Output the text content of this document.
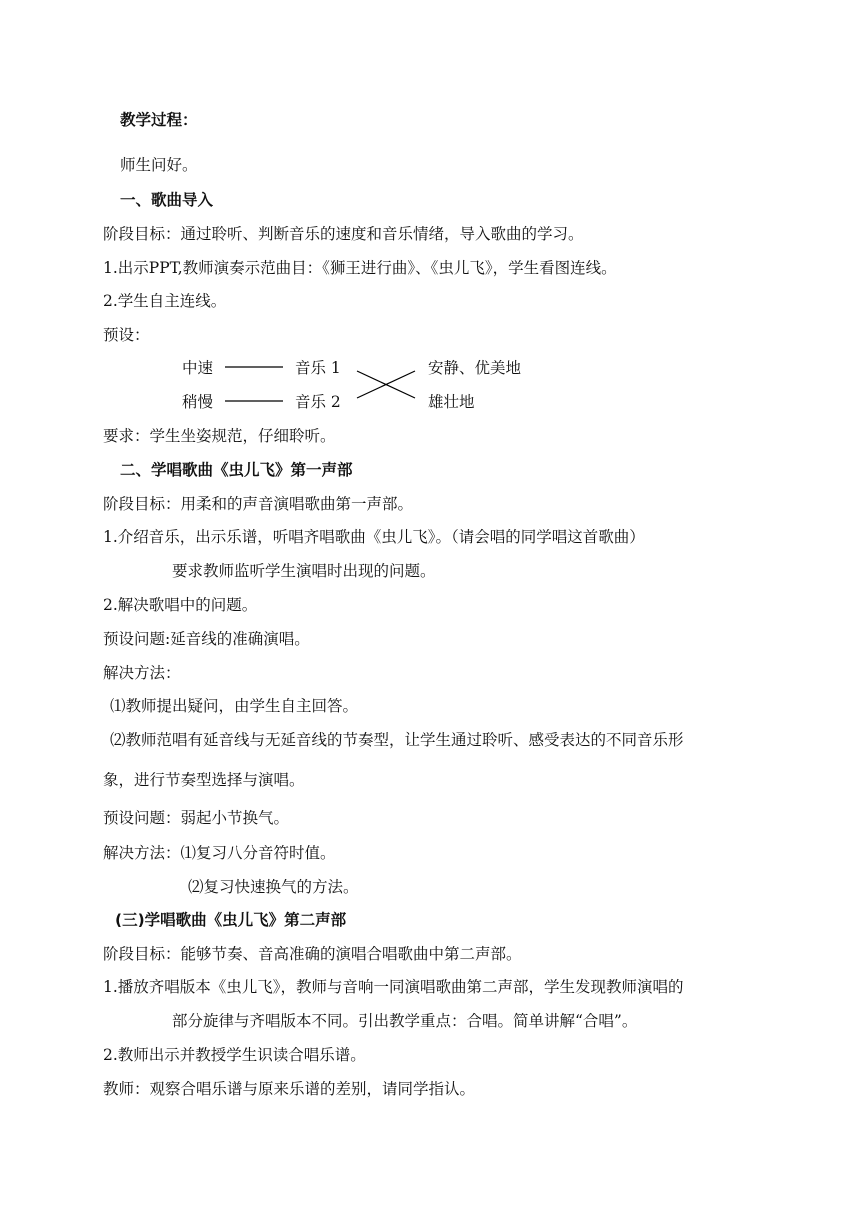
教学过程：
师生问好。
一、歌曲导入
阶段目标：通过聆听、判断音乐的速度和音乐情绪，导入歌曲的学习。
1.出示PPT,教师演奏示范曲目：《狮王进行曲》、《虫儿飞》，学生看图连线。
2.学生自主连线。
预设：
中速
稍慢
音乐 1
音乐 2
安静、优美地
雄壮地
要求：学生坐姿规范，仔细聆听。
二、学唱歌曲《虫儿飞》第一声部
阶段目标：用柔和的声音演唱歌曲第一声部。
1.介绍音乐，出示乐谱，听唱齐唱歌曲《虫儿飞》。（请会唱的同学唱这首歌曲）
要求教师监听学生演唱时出现的问题。
2.解决歌唱中的问题。
预设问题:延音线的准确演唱。
解决方法：
⑴教师提出疑问，由学生自主回答。
⑵教师范唱有延音线与无延音线的节奏型，让学生通过聆听、感受表达的不同音乐形
象，进行节奏型选择与演唱。
预设问题：弱起小节换气。
解决方法：⑴复习八分音符时值。
⑵复习快速换气的方法。
(三)学唱歌曲《虫儿飞》第二声部
阶段目标：能够节奏、音高准确的演唱合唱歌曲中第二声部。
1.播放齐唱版本《虫儿飞》，教师与音响一同演唱歌曲第二声部，学生发现教师演唱的
部分旋律与齐唱版本不同。引出教学重点：合唱。简单讲解“合唱”。
2.教师出示并教授学生识读合唱乐谱。
教师：观察合唱乐谱与原来乐谱的差别，请同学指认。
